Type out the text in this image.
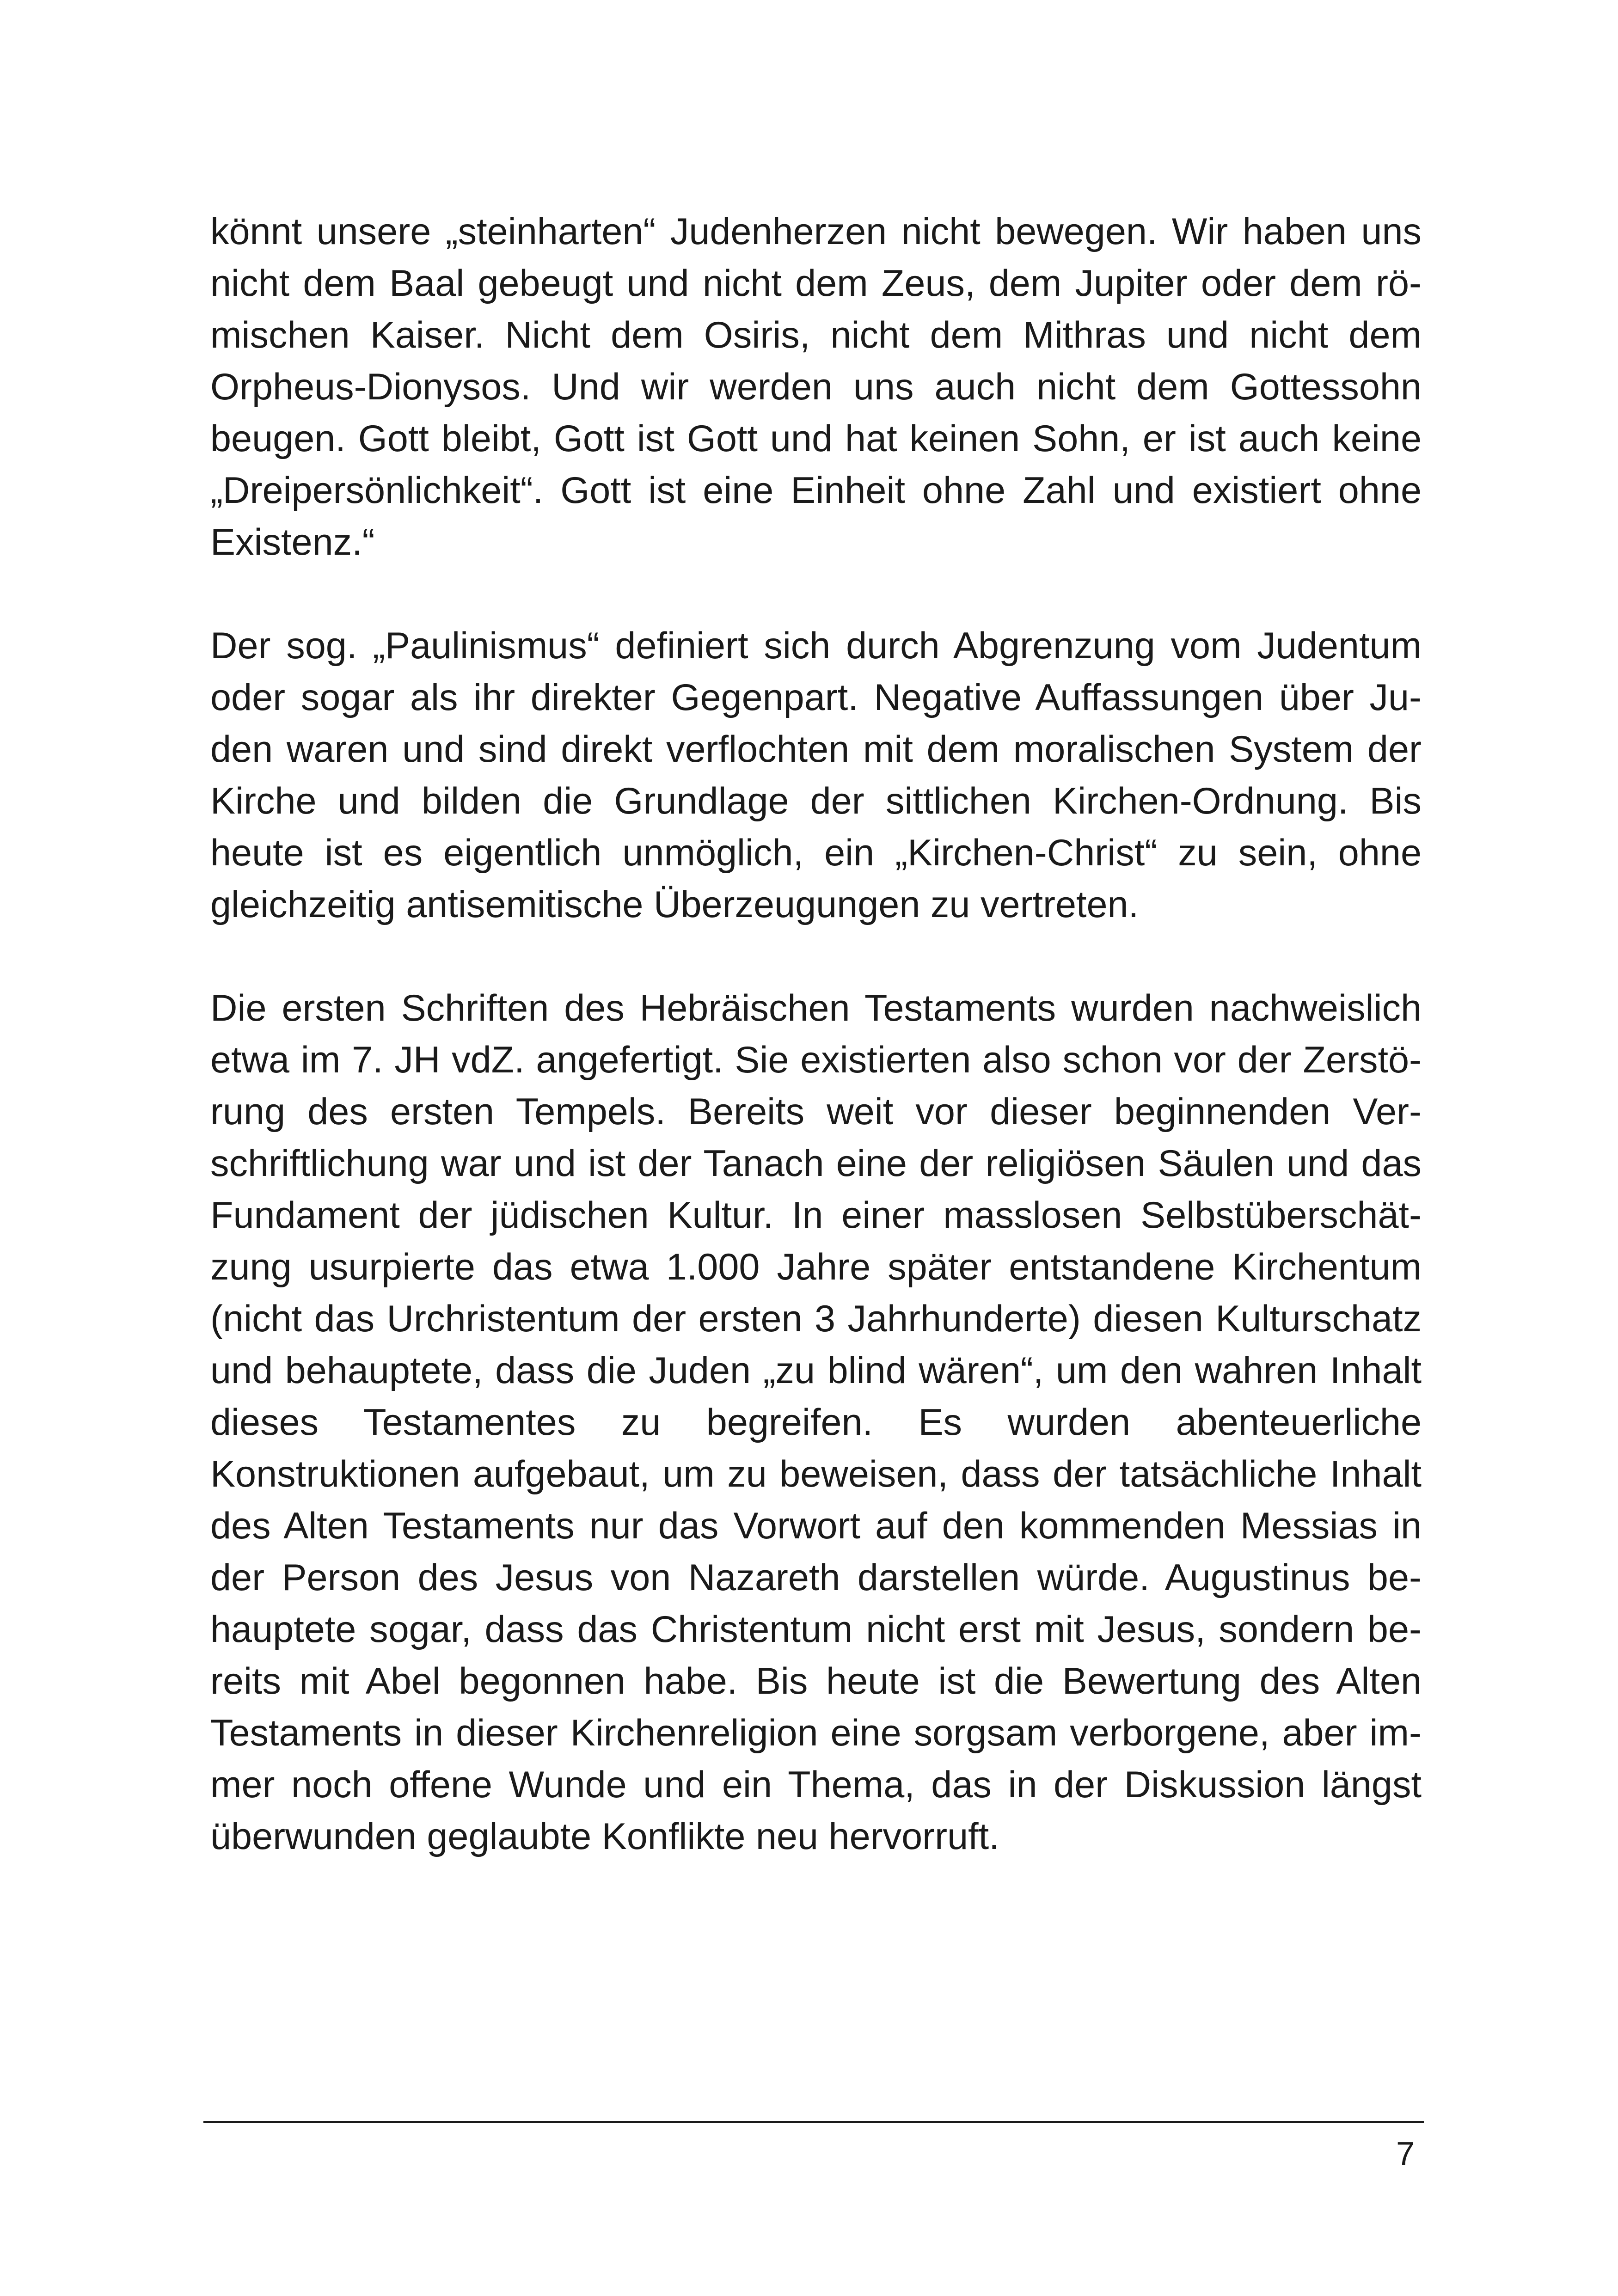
könnt unsere „steinharten“ Judenherzen nicht bewegen. Wir haben uns nicht dem Baal gebeugt und nicht dem Zeus, dem Jupiter oder dem römischen Kaiser. Nicht dem Osiris, nicht dem Mithras und nicht dem Orpheus-Dionysos. Und wir werden uns auch nicht dem Gottessohn beugen. Gott bleibt, Gott ist Gott und hat keinen Sohn, er ist auch keine „Dreipersönlichkeit“. Gott ist eine Einheit ohne Zahl und existiert ohne Existenz.“

Der sog. „Paulinismus“ definiert sich durch Abgrenzung vom Judentum oder sogar als ihr direkter Gegenpart. Negative Auffassungen über Juden waren und sind direkt verflochten mit dem moralischen System der Kirche und bilden die Grundlage der sittlichen Kirchen-Ordnung. Bis heute ist es eigentlich unmöglich, ein „Kirchen-Christ“ zu sein, ohne gleichzeitig antisemitische Überzeugungen zu vertreten.

Die ersten Schriften des Hebräischen Testaments wurden nachweislich etwa im 7. JH vdZ. angefertigt. Sie existierten also schon vor der Zerstörung des ersten Tempels. Bereits weit vor dieser beginnenden Verschriftlichung war und ist der Tanach eine der religiösen Säulen und das Fundament der jüdischen Kultur. In einer masslosen Selbstüberschätzung usurpierte das etwa 1.000 Jahre später entstandene Kirchentum (nicht das Urchristentum der ersten 3 Jahrhunderte) diesen Kulturschatz und behauptete, dass die Juden „zu blind wären“, um den wahren Inhalt dieses Testamentes zu begreifen. Es wurden abenteuerliche Konstruktionen aufgebaut, um zu beweisen, dass der tatsächliche Inhalt des Alten Testaments nur das Vorwort auf den kommenden Messias in der Person des Jesus von Nazareth darstellen würde. Augustinus behauptete sogar, dass das Christentum nicht erst mit Jesus, sondern bereits mit Abel begonnen habe. Bis heute ist die Bewertung des Alten Testaments in dieser Kirchenreligion eine sorgsam verborgene, aber immer noch offene Wunde und ein Thema, das in der Diskussion längst überwunden geglaubte Konflikte neu hervorruft.

7
